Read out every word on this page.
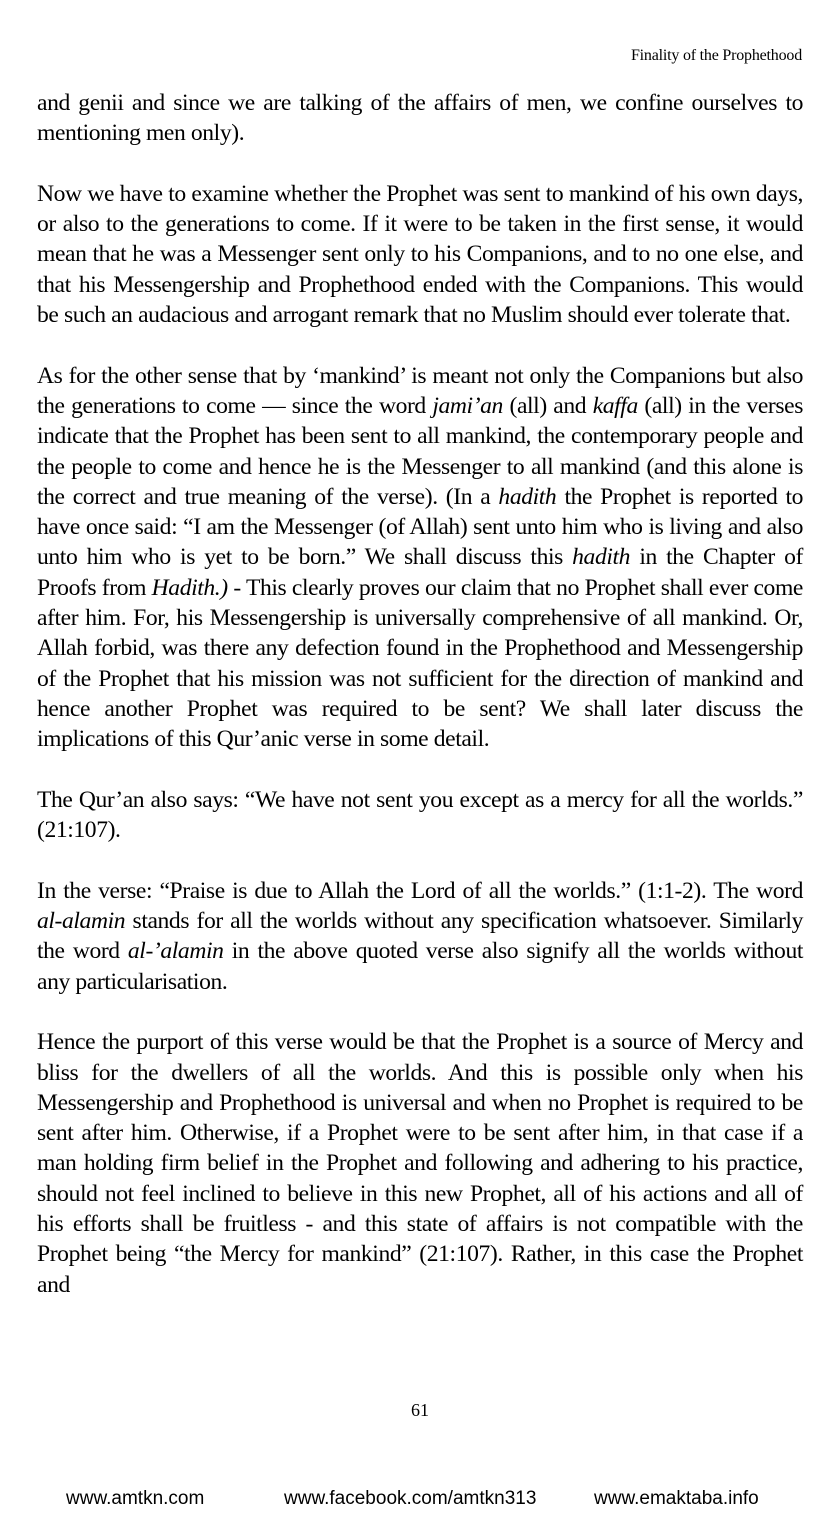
Finality of the Prophethood

and genii and since we are talking of the affairs of men, we confine ourselves to mentioning men only).

Now we have to examine whether the Prophet was sent to mankind of his own days, or also to the generations to come. If it were to be taken in the first sense, it would mean that he was a Messenger sent only to his Companions, and to no one else, and that his Messengership and Prophethood ended with the Companions. This would be such an audacious and arrogant remark that no Muslim should ever tolerate that.

As for the other sense that by ‘mankind’ is meant not only the Companions but also the generations to come — since the word jami’an (all) and kaffa (all) in the verses indicate that the Prophet has been sent to all mankind, the contemporary people and the people to come and hence he is the Messenger to all mankind (and this alone is the correct and true meaning of the verse). (In a hadith the Prophet is reported to have once said: “I am the Messenger (of Allah) sent unto him who is living and also unto him who is yet to be born.” We shall discuss this hadith in the Chapter of Proofs from Hadith.) - This clearly proves our claim that no Prophet shall ever come after him. For, his Messengership is universally comprehensive of all mankind. Or, Allah forbid, was there any defection found in the Prophethood and Messengership of the Prophet that his mission was not sufficient for the direction of mankind and hence another Prophet was required to be sent? We shall later discuss the implications of this Qur’anic verse in some detail.

The Qur’an also says: “We have not sent you except as a mercy for all the worlds.” (21:107).

In the verse: “Praise is due to Allah the Lord of all the worlds.” (1:1-2). The word al-alamin stands for all the worlds without any specification whatsoever. Similarly the word al-’alamin in the above quoted verse also signify all the worlds without any particularisation.

Hence the purport of this verse would be that the Prophet is a source of Mercy and bliss for the dwellers of all the worlds. And this is possible only when his Messengership and Prophethood is universal and when no Prophet is required to be sent after him. Otherwise, if a Prophet were to be sent after him, in that case if a man holding firm belief in the Prophet and following and adhering to his practice, should not feel inclined to believe in this new Prophet, all of his actions and all of his efforts shall be fruitless - and this state of affairs is not compatible with the Prophet being “the Mercy for mankind” (21:107). Rather, in this case the Prophet and

61
www.amtkn.com	www.facebook.com/amtkn313	www.emaktaba.info
